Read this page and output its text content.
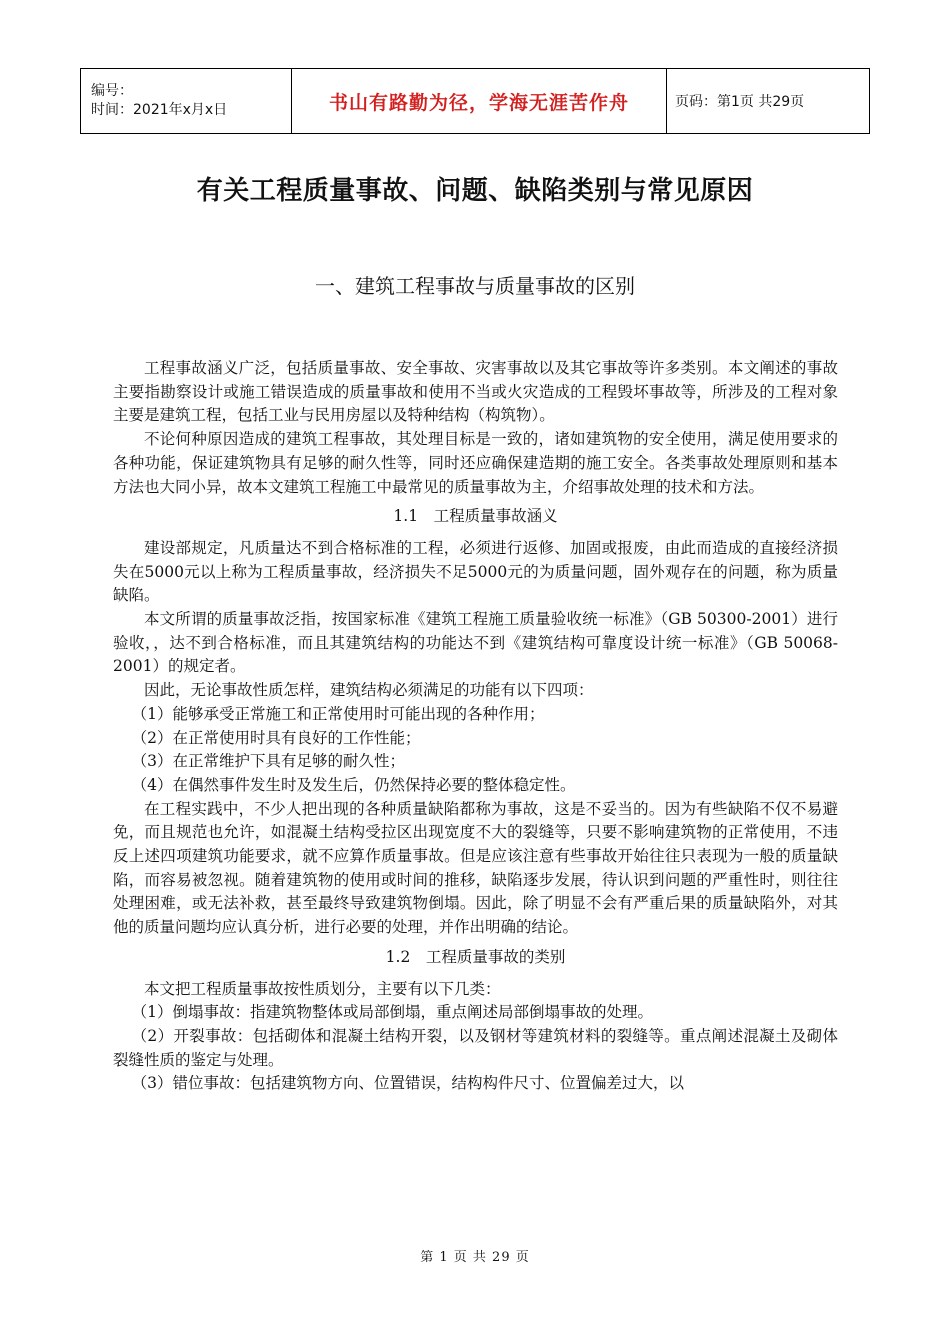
编号：
时间：2021年x月x日	书山有路勤为径，学海无涯苦作舟	页码：第1页 共29页
有关工程质量事故、问题、缺陷类别与常见原因
一、建筑工程事故与质量事故的区别

工程事故涵义广泛，包括质量事故、安全事故、灾害事故以及其它事故等许多类别。本文阐述的事故主要指勘察设计或施工错误造成的质量事故和使用不当或火灾造成的工程毁坏事故等，所涉及的工程对象主要是建筑工程，包括工业与民用房屋以及特种结构（构筑物）。

不论何种原因造成的建筑工程事故，其处理目标是一致的，诸如建筑物的安全使用，满足使用要求的各种功能，保证建筑物具有足够的耐久性等，同时还应确保建造期的施工安全。各类事故处理原则和基本方法也大同小异，故本文建筑工程施工中最常见的质量事故为主，介绍事故处理的技术和方法。

1.1　工程质量事故涵义

建设部规定，凡质量达不到合格标准的工程，必须进行返修、加固或报废，由此而造成的直接经济损失在5000元以上称为工程质量事故，经济损失不足5000元的为质量问题，固外观存在的问题，称为质量缺陷。

本文所谓的质量事故泛指，按国家标准《建筑工程施工质量验收统一标准》（GB 50300-2001）进行验收，，达不到合格标准，而且其建筑结构的功能达不到《建筑结构可靠度设计统一标准》（GB 50068-2001）的规定者。

因此，无论事故性质怎样，建筑结构必须满足的功能有以下四项：

（1）能够承受正常施工和正常使用时可能出现的各种作用；

（2）在正常使用时具有良好的工作性能；

（3）在正常维护下具有足够的耐久性；

（4）在偶然事件发生时及发生后，仍然保持必要的整体稳定性。

在工程实践中，不少人把出现的各种质量缺陷都称为事故，这是不妥当的。因为有些缺陷不仅不易避免，而且规范也允许，如混凝土结构受拉区出现宽度不大的裂缝等，只要不影响建筑物的正常使用，不违反上述四项建筑功能要求，就不应算作质量事故。但是应该注意有些事故开始往往只表现为一般的质量缺陷，而容易被忽视。随着建筑物的使用或时间的推移，缺陷逐步发展，待认识到问题的严重性时，则往往处理困难，或无法补救，甚至最终导致建筑物倒塌。因此，除了明显不会有严重后果的质量缺陷外，对其他的质量问题均应认真分析，进行必要的处理，并作出明确的结论。

1.2　工程质量事故的类别

本文把工程质量事故按性质划分，主要有以下几类：

（1）倒塌事故：指建筑物整体或局部倒塌，重点阐述局部倒塌事故的处理。

（2）开裂事故：包括砌体和混凝土结构开裂，以及钢材等建筑材料的裂缝等。重点阐述混凝土及砌体裂缝性质的鉴定与处理。

（3）错位事故：包括建筑物方向、位置错误，结构构件尺寸、位置偏差过大，以

第 1 页 共 29 页
